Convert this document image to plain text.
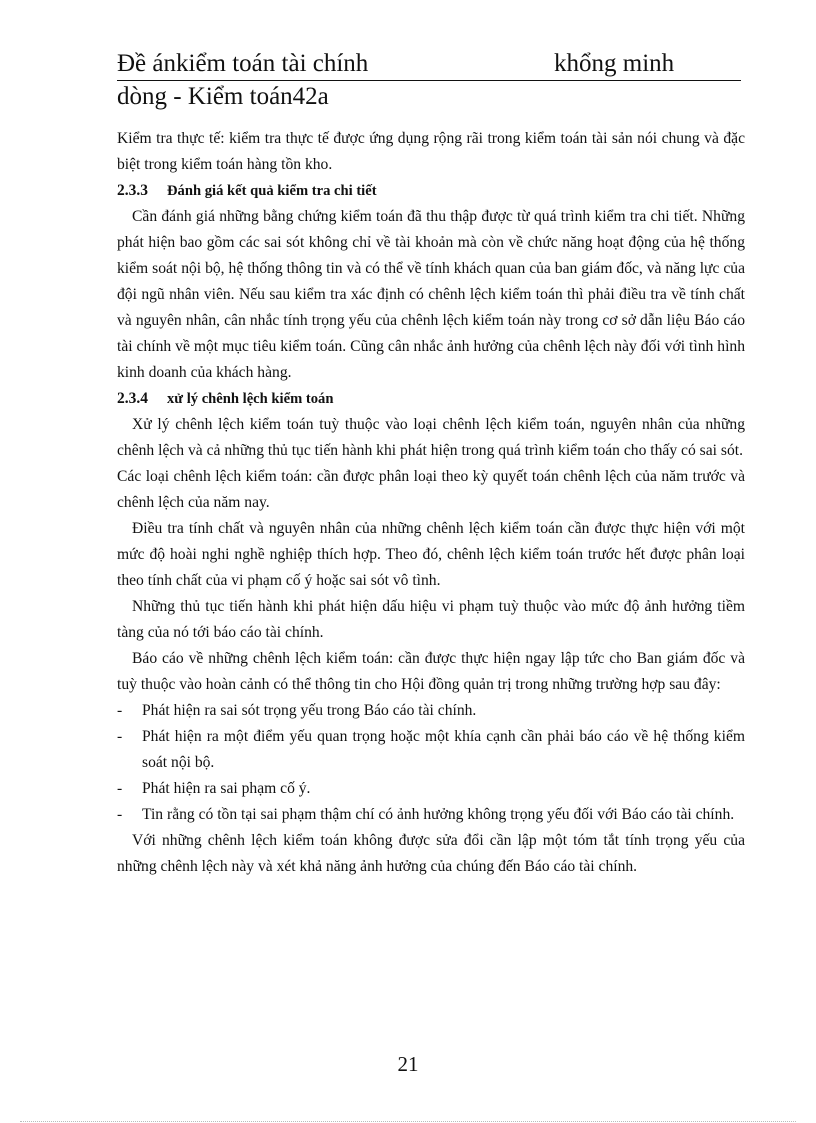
Đề ánkiểm toán tài chính	khổng minh
dòng - Kiểm toán42a

Kiểm tra thực tế: kiểm tra thực tế được ứng dụng rộng rãi trong kiểm toán tài sản nói chung và đặc biệt trong kiểm toán hàng tồn kho.

2.3.3	Đánh giá kết quả kiểm tra chi tiết

Cần đánh giá những bằng chứng kiểm toán đã thu thập được từ quá trình kiểm tra chi tiết. Những phát hiện bao gồm các sai sót không chỉ về tài khoản mà còn về chức năng hoạt động của hệ thống kiểm soát nội bộ, hệ thống thông tin và có thể về tính khách quan của ban giám đốc, và năng lực của đội ngũ nhân viên. Nếu sau kiểm tra xác định có chênh lệch kiểm toán thì phải điều tra về tính chất và nguyên nhân, cân nhắc tính trọng yếu của chênh lệch kiểm toán này trong cơ sở dẫn liệu Báo cáo tài chính về một mục tiêu kiểm toán. Cũng cân nhắc ảnh hưởng của chênh lệch này đối với tình hình kinh doanh của khách hàng.

2.3.4	xử lý chênh lệch kiểm toán

Xử lý chênh lệch kiểm toán tuỳ thuộc vào loại chênh lệch kiểm toán, nguyên nhân của những chênh lệch và cả những thủ tục tiến hành khi phát hiện trong quá trình kiểm toán cho thấy có sai sót.

Các loại chênh lệch kiểm toán: cần được phân loại theo kỳ quyết toán chênh lệch của năm trước và chênh lệch của năm nay.

Điều tra tính chất và nguyên nhân của những chênh lệch kiểm toán cần được thực hiện với một mức độ hoài nghi nghề nghiệp thích hợp. Theo đó, chênh lệch kiểm toán trước hết được phân loại theo tính chất của vi phạm cố ý hoặc sai sót vô tình.

Những thủ tục tiến hành khi phát hiện dấu hiệu vi phạm tuỳ thuộc vào mức độ ảnh hưởng tiềm tàng của nó tới báo cáo tài chính.

Báo cáo về những chênh lệch kiểm toán: cần được thực hiện ngay lập tức cho Ban giám đốc và tuỳ thuộc vào hoàn cảnh có thể thông tin cho Hội đồng quản trị trong những trường hợp sau đây:

-	Phát hiện ra sai sót trọng yếu trong Báo cáo tài chính.
-	Phát hiện ra một điểm yếu quan trọng hoặc một khía cạnh cần phải báo cáo về hệ thống kiểm soát nội bộ.
-	Phát hiện ra sai phạm cố ý.
-	Tin rằng có tồn tại sai phạm thậm chí có ảnh hưởng không trọng yếu đối với Báo cáo tài chính.

Với những chênh lệch kiểm toán không được sửa đổi cần lập một tóm tắt tính trọng yếu của những chênh lệch này và xét khả năng ảnh hưởng của chúng đến Báo cáo tài chính.

21
